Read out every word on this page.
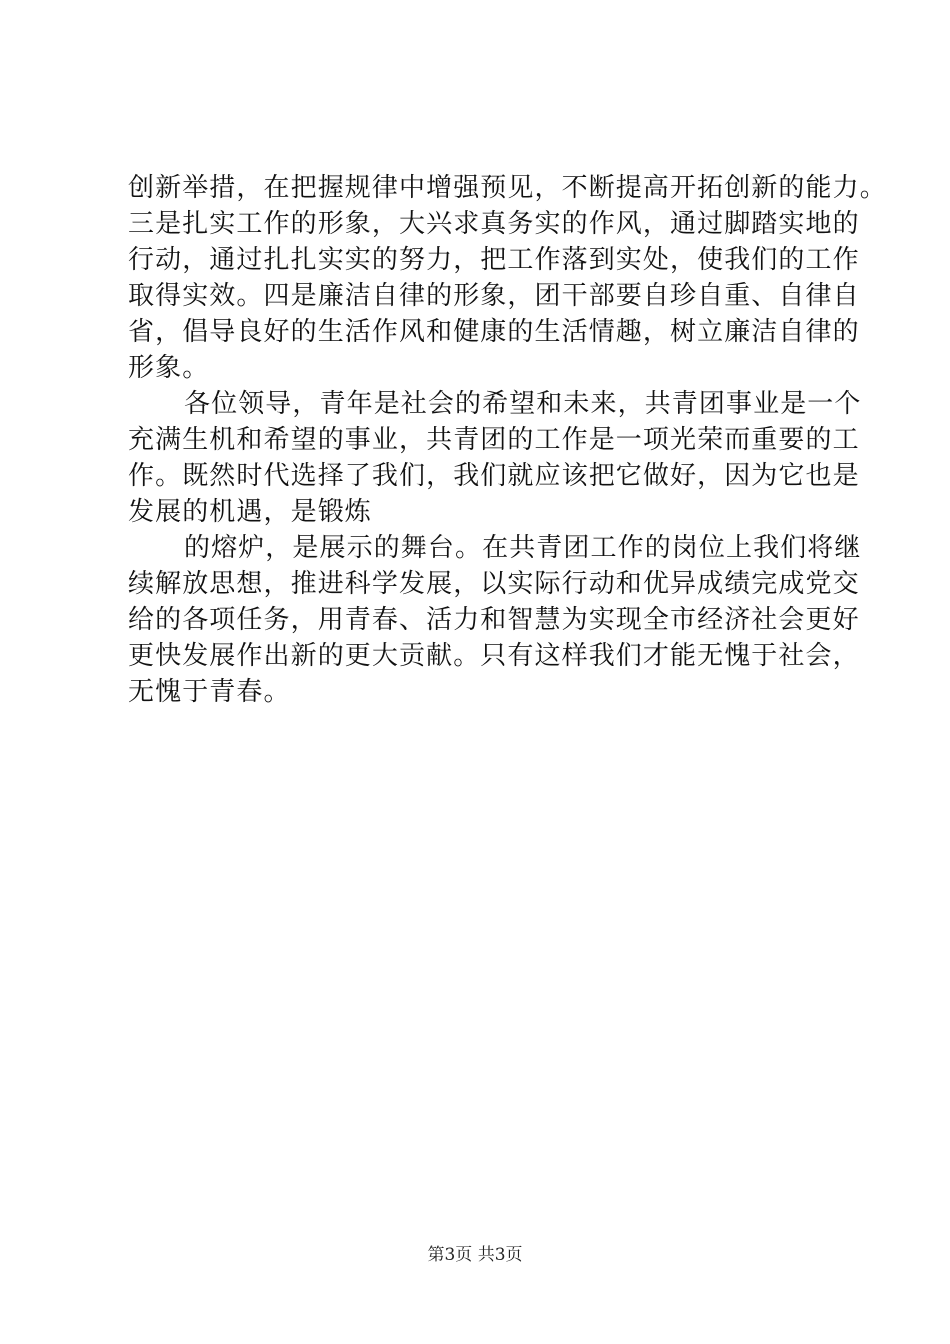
创新举措，在把握规律中增强预见，不断提高开拓创新的能力。
三是扎实工作的形象，大兴求真务实的作风，通过脚踏实地的
行动，通过扎扎实实的努力，把工作落到实处，使我们的工作
取得实效。四是廉洁自律的形象，团干部要自珍自重、自律自
省，倡导良好的生活作风和健康的生活情趣，树立廉洁自律的
形象。
各位领导，青年是社会的希望和未来，共青团事业是一个
充满生机和希望的事业，共青团的工作是一项光荣而重要的工
作。既然时代选择了我们，我们就应该把它做好，因为它也是
发展的机遇，是锻炼
的熔炉，是展示的舞台。在共青团工作的岗位上我们将继
续解放思想，推进科学发展，以实际行动和优异成绩完成党交
给的各项任务，用青春、活力和智慧为实现全市经济社会更好
更快发展作出新的更大贡献。只有这样我们才能无愧于社会，
无愧于青春。
第3页 共3页
